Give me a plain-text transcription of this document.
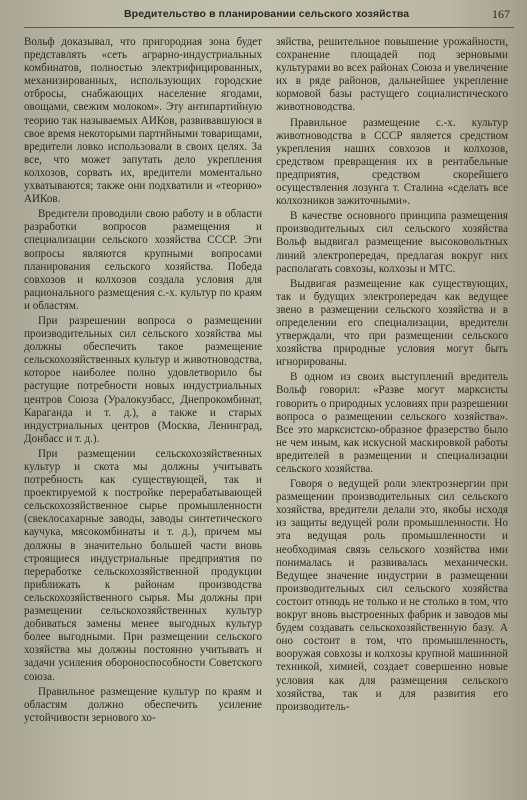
Вредительство в планировании сельского хозяйства	167

Вольф доказывал, что пригородная зона будет представлять «сеть аграрно-индустриальных комбинатов, полностью электрифицированных, механизированных, использующих городские отбросы, снабжающих население ягодами, овощами, свежим молоком». Эту антипартийную теорию так называемых АИКов, развивавшуюся в свое время некоторыми партийными товарищами, вредители ловко использовали в своих целях. За все, что может запутать дело укрепления колхозов, сорвать их, вредители моментально ухватываются; также они подхватили и «теорию» АИКов.

Вредители проводили свою работу и в области разработки вопросов размещения и специализации сельского хозяйства СССР. Эти вопросы являются крупными вопросами планирования сельского хозяйства. Победа совхозов и колхозов создала условия для рационального размещения с.-х. культур по краям и областям.

При разрешении вопроса о размещении производительных сил сельского хозяйства мы должны обеспечить такое размещение сельскохозяйственных культур и животноводства, которое наиболее полно удовлетворило бы растущие потребности новых индустриальных центров Союза (Уралокузбасс, Днепрокомбинат, Караганда и т. д.), а также и старых индустриальных центров (Москва, Ленинград, Донбасс и т. д.).

При размещении сельскохозяйственных культур и скота мы должны учитывать потребность как существующей, так и проектируемой к постройке перерабатывающей сельскохозяйственное сырье промышленности (свеклосахарные заводы, заводы синтетического каучука, мясокомбинаты и т. д.), причем мы должны в значительно большей части вновь строящиеся индустриальные предприятия по переработке сельскохозяйственной продукции приближать к районам производства сельскохозяйственного сырья. Мы должны при размещении сельскохозяйственных культур добиваться замены менее выгодных культур более выгодными. При размещении сельского хозяйства мы должны постоянно учитывать и задачи усиления обороноспособности Советского союза.

Правильное размещение культур по краям и областям должно обеспечить усиление устойчивости зернового хо-

зяйства, решительное повышение урожайности, сохранение площадей под зерновыми культурами во всех районах Союза и увеличение их в ряде районов, дальнейшее укрепление кормовой базы растущего социалистического животноводства.

Правильное размещение с.-х. культур животноводства в СССР является средством укрепления наших совхозов и колхозов, средством превращения их в рентабельные предприятия, средством скорейшего осуществления лозунга т. Сталина «сделать все колхозников зажиточными».

В качестве основного принципа размещения производительных сил сельского хозяйства Вольф выдвигал размещение высоковольтных линий электропередач, предлагая вокруг них располагать совхозы, колхозы и МТС.

Выдвигая размещение как существующих, так и будущих электропередач как ведущее звено в размещении сельского хозяйства и в определении его специализации, вредители утверждали, что при размещении сельского хозяйства природные условия могут быть игнорированы.

В одном из своих выступлений вредитель Вольф говорил: «Разве могут марксисты говорить о природных условиях при разрешении вопроса о размещении сельского хозяйства». Все это марксистско-образное фразерство было не чем иным, как искусной маскировкой работы вредителей в размещении и специализации сельского хозяйства.

Говоря о ведущей роли электроэнергии при размещении производительных сил сельского хозяйства, вредители делали это, якобы исходя из защиты ведущей роли промышленности. Но эта ведущая роль промышленности и необходимая связь сельского хозяйства ими понималась и развивалась механически. Ведущее значение индустрии в размещении производительных сил сельского хозяйства состоит отнюдь не только и не столько в том, что вокруг вновь выстроенных фабрик и заводов мы будем создавать сельскохозяйственную базу. А оно состоит в том, что промышленность, вооружая совхозы и колхозы крупной машинной техникой, химией, создает совершенно новые условия как для размещения сельского хозяйства, так и для развития его производитель-
